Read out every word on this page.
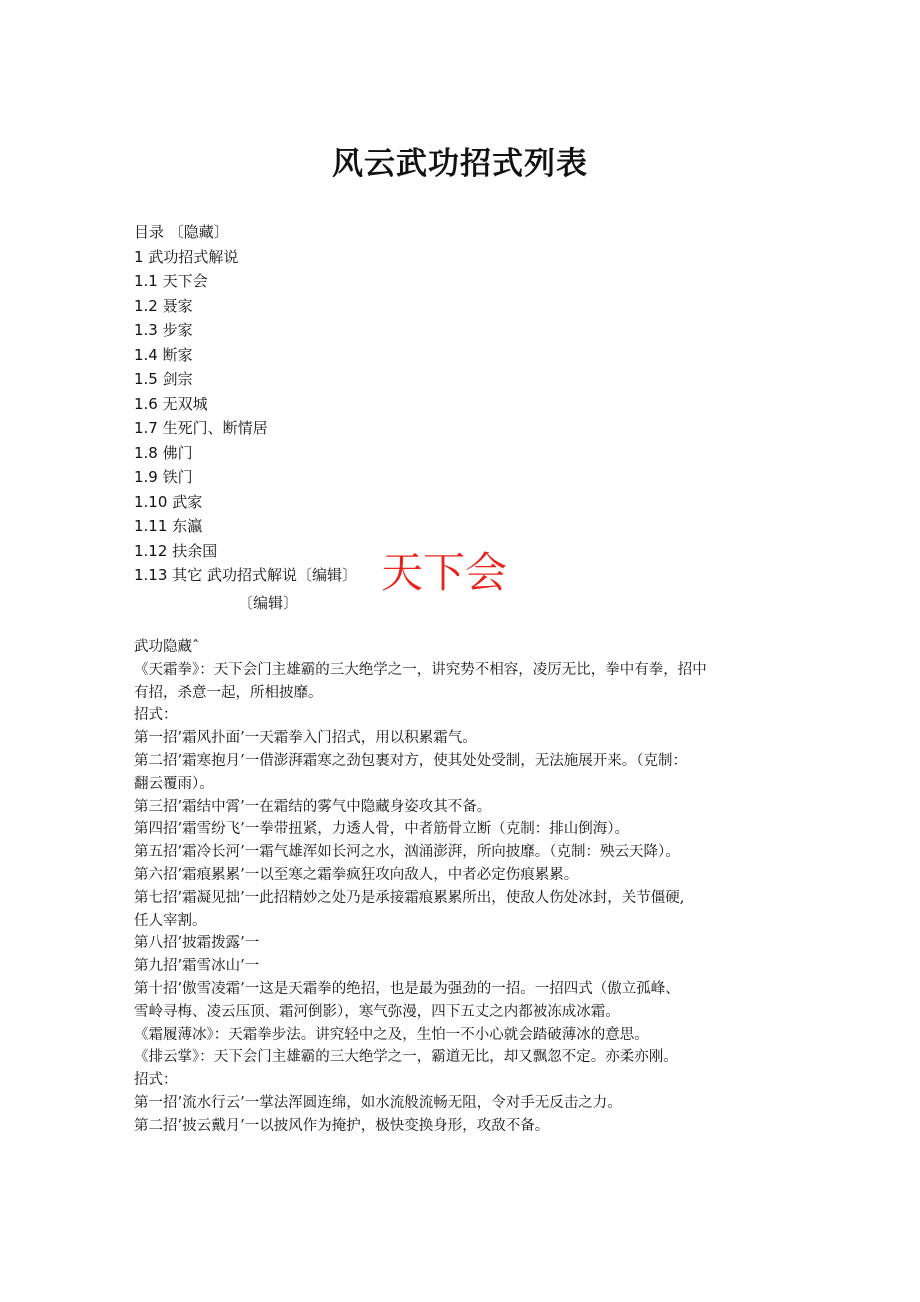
风云武功招式列表
目录 〔隐藏〕
1 武功招式解说
1.1 天下会
1.2 聂家
1.3 步家
1.4 断家
1.5 剑宗
1.6 无双城
1.7 生死门、断情居
1.8 佛门
1.9 铁门
1.10 武家
1.11 东瀛
1.12 扶余国
1.13 其它 武功招式解说〔编辑〕
〔编辑〕
天下会
武功隐藏ˆ
《天霜拳》：天下会门主雄霸的三大绝学之一，讲究势不相容，凌厉无比，拳中有拳，招中
有招，杀意一起，所相披靡。
招式：
第一招’霜风扑面’一天霜拳入门招式，用以积累霜气。
第二招’霜寒抱月’一借澎湃霜寒之劲包裹对方，使其处处受制，无法施展开来。（克制：
翻云覆雨）。
第三招’霜结中霄’一在霜结的雾气中隐藏身姿攻其不备。
第四招’霜雪纷飞’一拳带扭紧，力透人骨，中者筋骨立断（克制：排山倒海）。
第五招’霜冷长河’一霜气雄浑如长河之水，汹涌澎湃，所向披靡。（克制：殃云天降）。
第六招’霜痕累累’一以至寒之霜拳疯狂攻向敌人，中者必定伤痕累累。
第七招’霜凝见拙’一此招精妙之处乃是承接霜痕累累所出，使敌人伤处冰封，关节僵硬,
任人宰割。
第八招’披霜拨露’一
第九招’霜雪冰山’一
第十招’傲雪凌霜’一这是天霜拳的绝招，也是最为强劲的一招。一招四式（傲立孤峰、
雪岭寻梅、凌云压顶、霜河倒影），寒气弥漫，四下五丈之内都被冻成冰霜。
《霜履薄冰》：天霜拳步法。讲究轻中之及，生怕一不小心就会踏破薄冰的意思。
《排云掌》：天下会门主雄霸的三大绝学之一，霸道无比，却又飘忽不定。亦柔亦刚。
招式：
第一招’流水行云’一掌法浑圆连绵，如水流般流畅无阻，令对手无反击之力。
第二招’披云戴月’一以披风作为掩护，极快变换身形，攻敌不备。
